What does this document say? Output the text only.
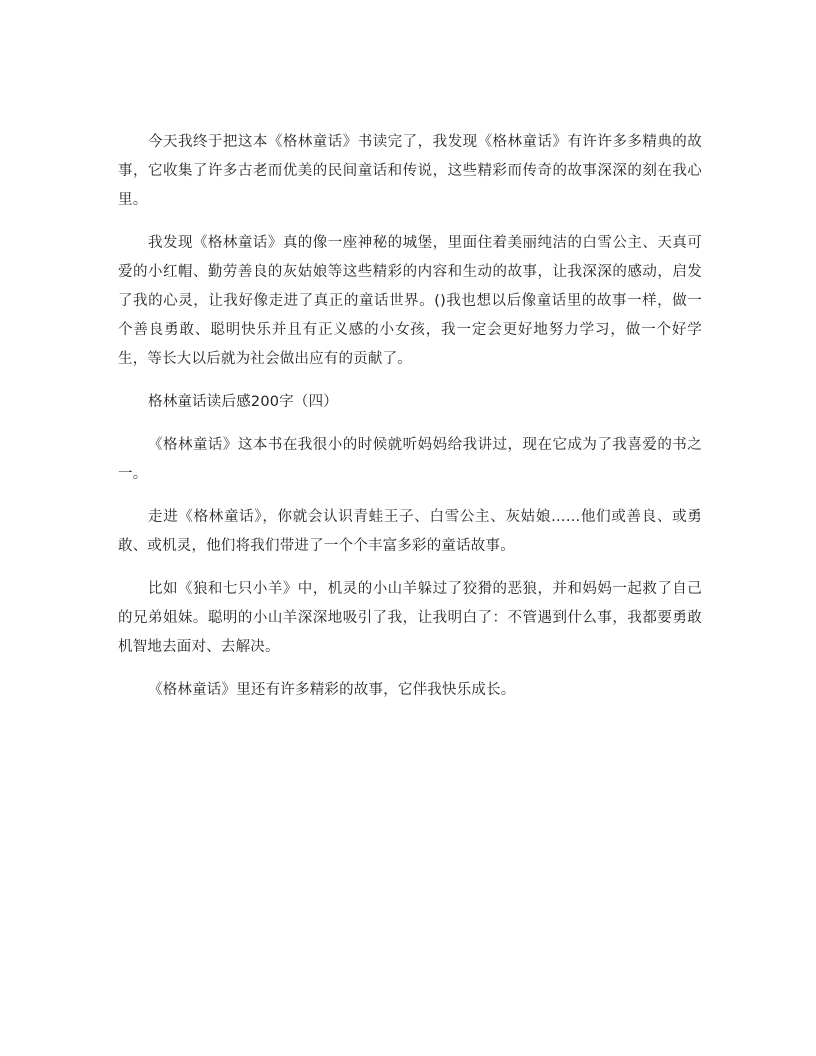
今天我终于把这本《格林童话》书读完了，我发现《格林童话》有许许多多精典的故事，它收集了许多古老而优美的民间童话和传说，这些精彩而传奇的故事深深的刻在我心里。

我发现《格林童话》真的像一座神秘的城堡，里面住着美丽纯洁的白雪公主、天真可爱的小红帽、勤劳善良的灰姑娘等这些精彩的内容和生动的故事，让我深深的感动，启发了我的心灵，让我好像走进了真正的童话世界。()我也想以后像童话里的故事一样，做一个善良勇敢、聪明快乐并且有正义感的小女孩，我一定会更好地努力学习，做一个好学生，等长大以后就为社会做出应有的贡献了。

格林童话读后感200字（四）

《格林童话》这本书在我很小的时候就听妈妈给我讲过，现在它成为了我喜爱的书之一。

走进《格林童话》，你就会认识青蛙王子、白雪公主、灰姑娘……他们或善良、或勇敢、或机灵，他们将我们带进了一个个丰富多彩的童话故事。

比如《狼和七只小羊》中，机灵的小山羊躲过了狡猾的恶狼，并和妈妈一起救了自己的兄弟姐妹。聪明的小山羊深深地吸引了我，让我明白了：不管遇到什么事，我都要勇敢机智地去面对、去解决。

《格林童话》里还有许多精彩的故事，它伴我快乐成长。
